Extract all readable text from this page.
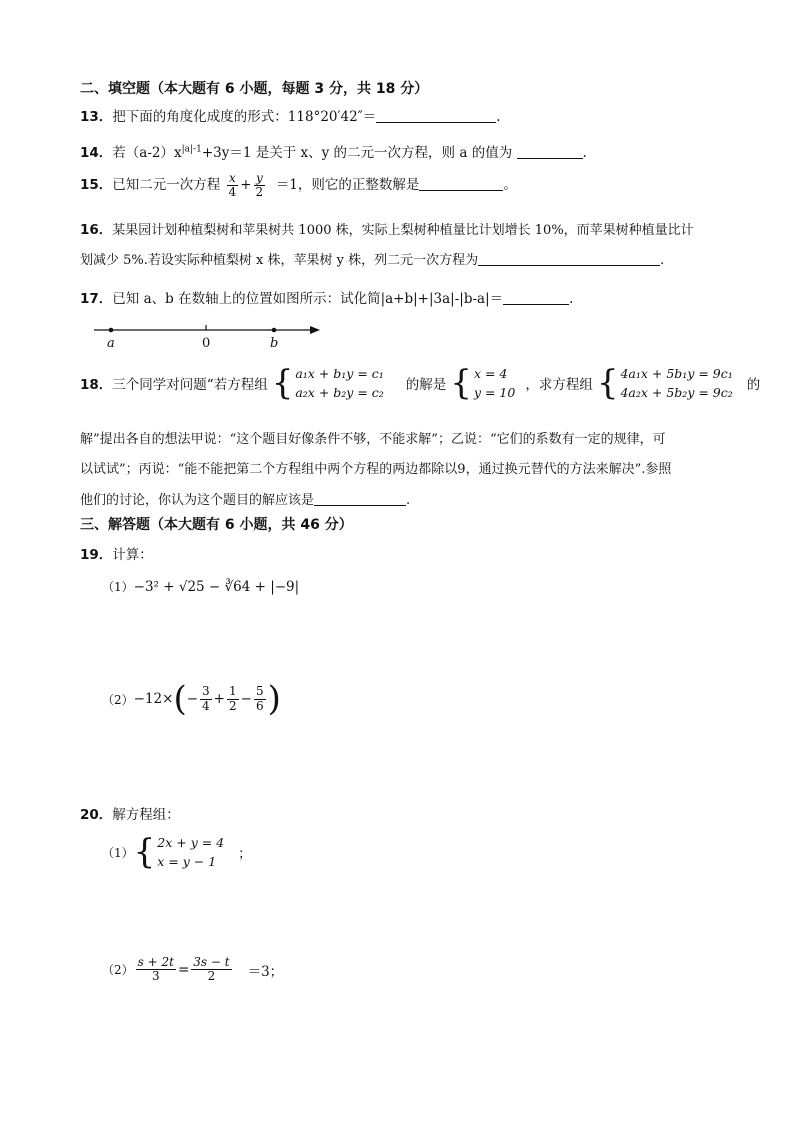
二、填空题（本大题有 6 小题，每题 3 分，共 18 分）
13．把下面的角度化成度的形式：118°20′42″＝	.
14．若$(a-2)x^{|a|-1}+3y=1$ 是关于 x、y 的二元一次方程，则 a 的值为	.
15．已知二元一次方程 $\frac{x}{4} + \frac{y}{2} =1$，则它的正整数解是	。
16．某果园计划种植梨树和苹果树共 1000 株，实际上梨树种植量比计划增长 10%，而苹果树种植量比计
划减少 5%.若设实际种植梨树 x 株，苹果树 y 株，列二元一次方程为	.
17．已知 a、b 在数轴上的位置如图所示：试化简|a+b|+|3a|-|b-a|＝	.
a	0	b
18． 三个同学对问题“若方程组 { a₁x + b₁y = c₁
a₂x + b₂y = c₂ 的解是 { x = 4
y = 10 ，求方程组 { 4a₁x + 5b₁y = 9c₁
4a₂x + 5b₂y = 9c₂ 的
解”提出各自的想法甲说：“这个题目好像条件不够，不能求解”；乙说：“它们的系数有一定的规律，可
以试试”；丙说：“能不能把第二个方程组中两个方程的两边都除以9，通过换元替代的方法来解决”.参照
他们的讨论，你认为这个题目的解应该是	.
三、解答题（本大题有 6 小题，共 46 分）
19．计算：
（1）−3² + √25 − ∛64 + |−9|
（2） −12× ( − $\frac{3}{4} + \frac{1}{2} - \frac{5}{6}$ )
20．解方程组：
（1） { 2x + y = 4
x = y − 1	；
$(2) \frac{s + 2t}{3} = \frac{3s - t}{2} =3$；
